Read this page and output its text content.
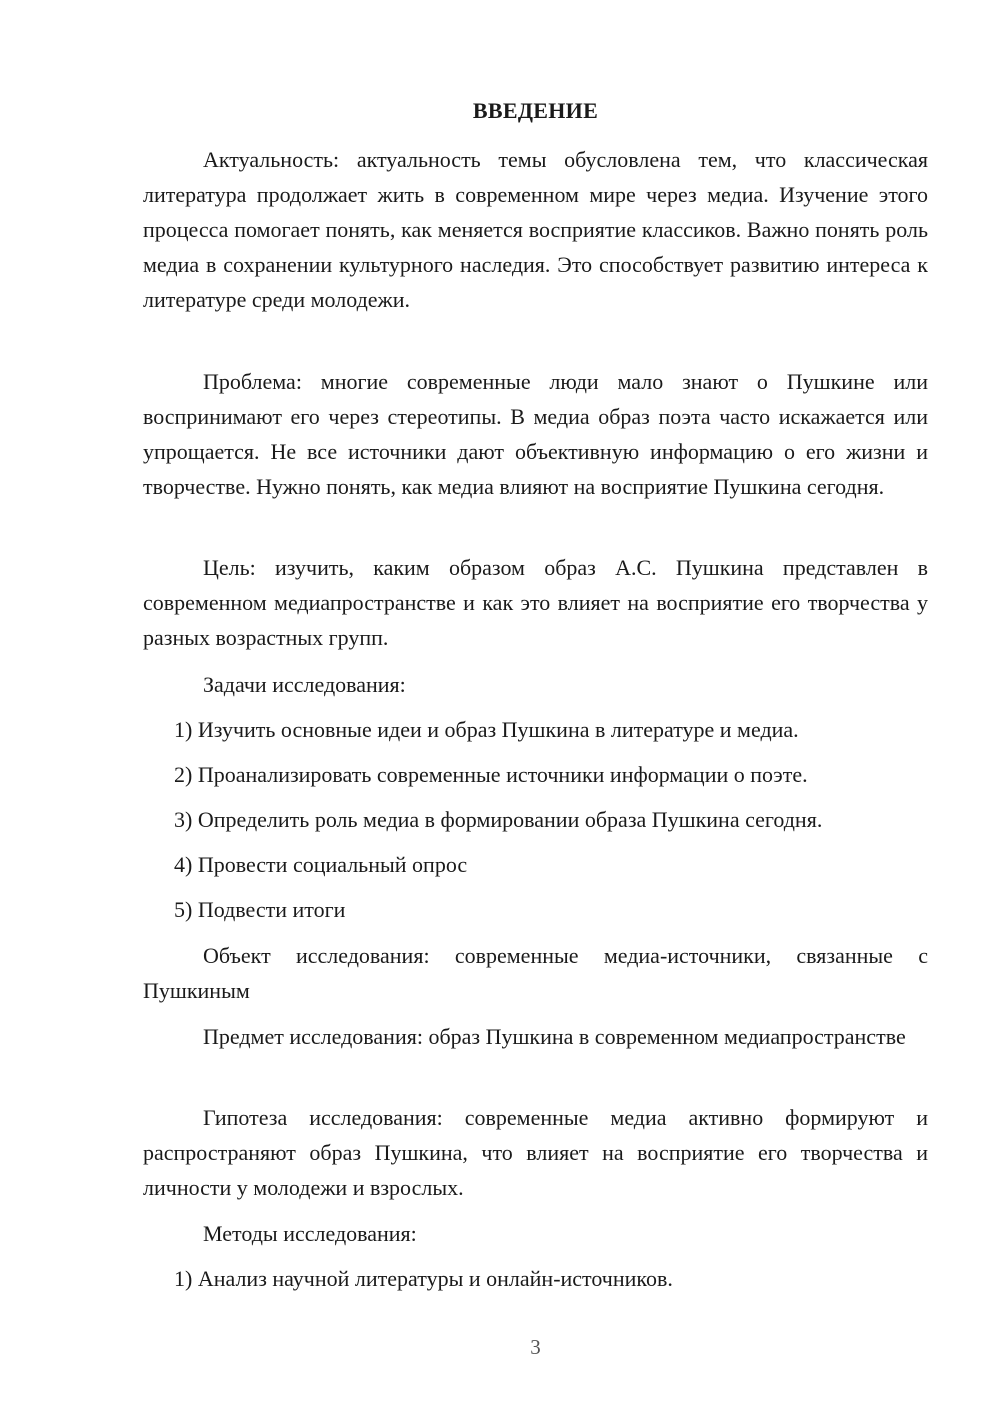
ВВЕДЕНИЕ

Актуальность: актуальность темы обусловлена тем, что классическая литература продолжает жить в современном мире через медиа. Изучение этого процесса помогает понять, как меняется восприятие классиков. Важно понять роль медиа в сохранении культурного наследия. Это способствует развитию интереса к литературе среди молодежи.

Проблема: многие современные люди мало знают о Пушкине или воспринимают его через стереотипы. В медиа образ поэта часто искажается или упрощается. Не все источники дают объективную информацию о его жизни и творчестве. Нужно понять, как медиа влияют на восприятие Пушкина сегодня.

Цель: изучить, каким образом образ А.С. Пушкина представлен в современном медиапространстве и как это влияет на восприятие его творчества у разных возрастных групп.

Задачи исследования:

1) Изучить основные идеи и образ Пушкина в литературе и медиа.

2) Проанализировать современные источники информации о поэте.

3) Определить роль медиа в формировании образа Пушкина сегодня.

4) Провести социальный опрос

5) Подвести итоги

Объект исследования: современные медиа-источники, связанные с Пушкиным

Предмет исследования: образ Пушкина в современном медиапространстве

Гипотеза исследования: современные медиа активно формируют и распространяют образ Пушкина, что влияет на восприятие его творчества и личности у молодежи и взрослых.

Методы исследования:

1) Анализ научной литературы и онлайн-источников.

3
